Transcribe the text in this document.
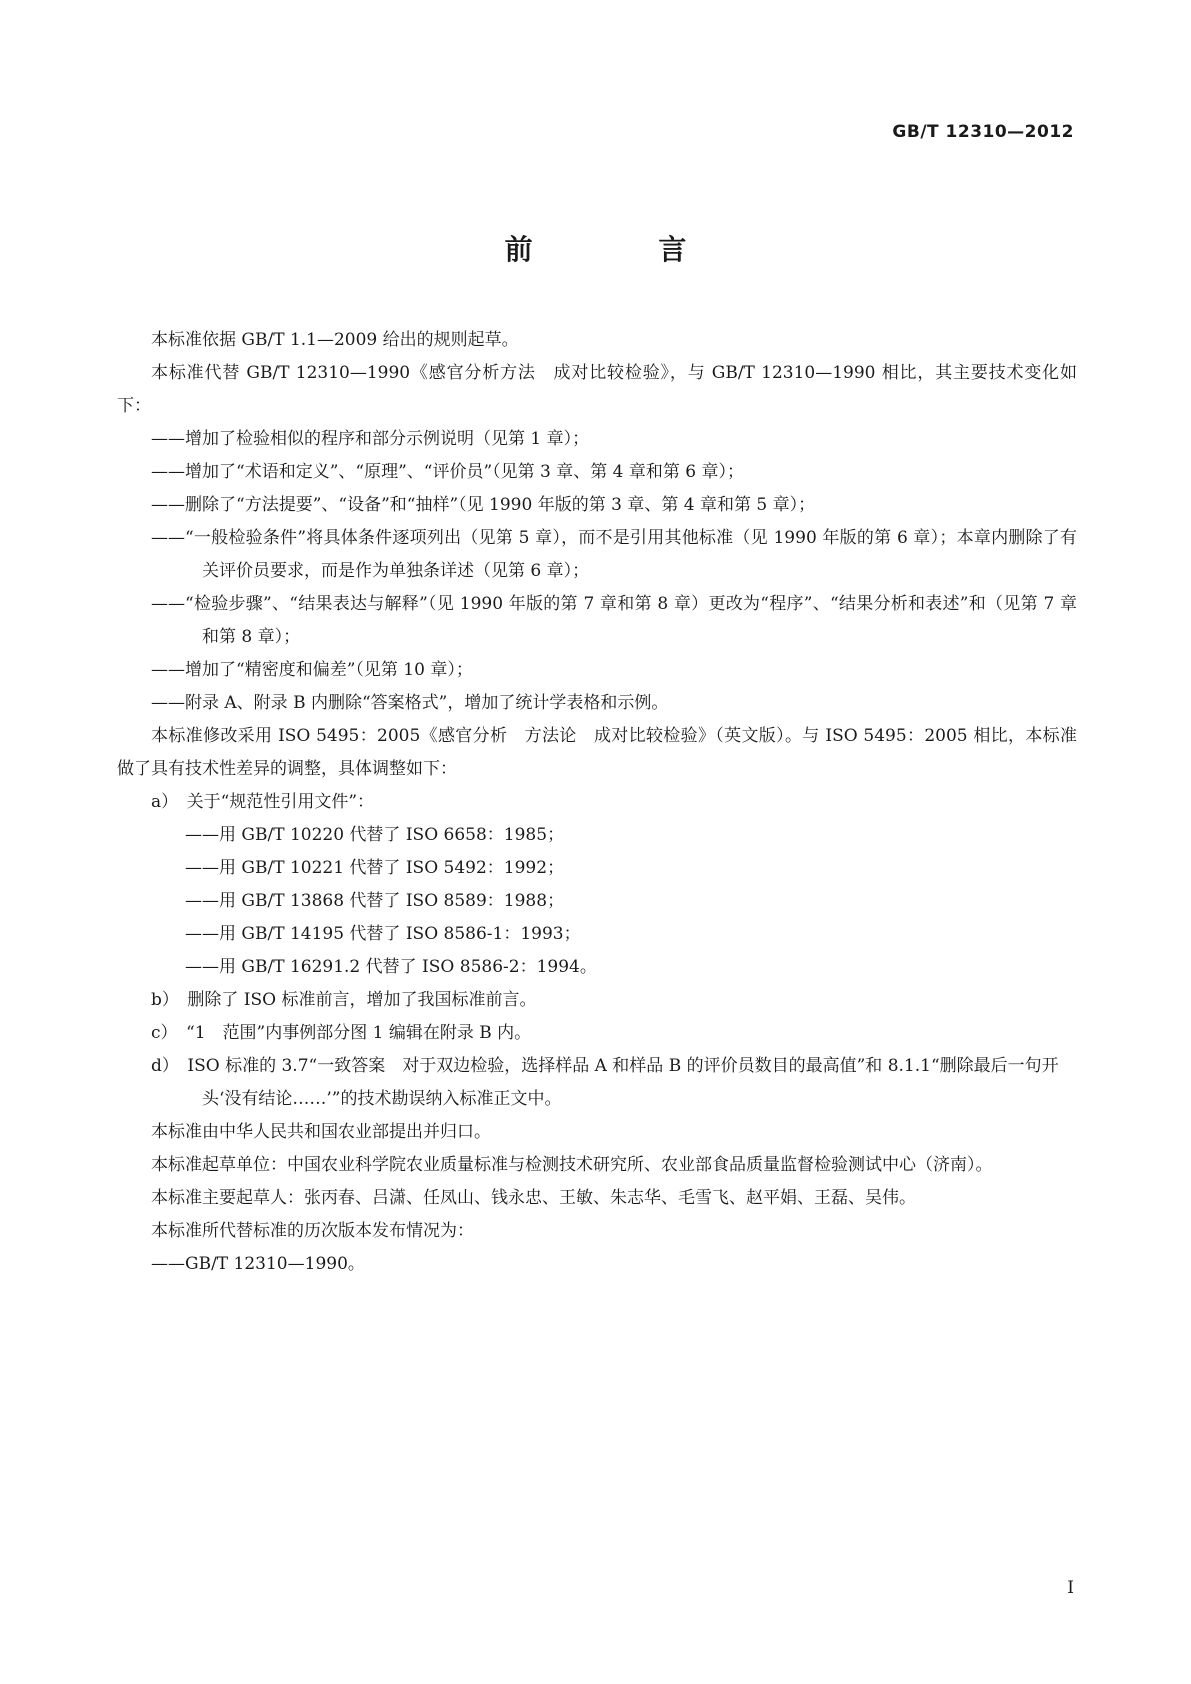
GB/T 12310—2012
前 言

本标准依据 GB/T 1.1—2009 给出的规则起草。

本标准代替 GB/T 12310—1990《感官分析方法　成对比较检验》，与 GB/T 12310—1990 相比，其主要技术变化如下：

——增加了检验相似的程序和部分示例说明（见第 1 章）；

——增加了“术语和定义”、“原理”、“评价员”（见第 3 章、第 4 章和第 6 章）；

——删除了“方法提要”、“设备”和“抽样”（见 1990 年版的第 3 章、第 4 章和第 5 章）；

——“一般检验条件”将具体条件逐项列出（见第 5 章），而不是引用其他标准（见 1990 年版的第 6 章）；本章内删除了有关评价员要求，而是作为单独条详述（见第 6 章）；

——“检验步骤”、“结果表达与解释”（见 1990 年版的第 7 章和第 8 章）更改为“程序”、“结果分析和表述”和（见第 7 章和第 8 章）；

——增加了“精密度和偏差”（见第 10 章）；

——附录 A、附录 B 内删除“答案格式”，增加了统计学表格和示例。

本标准修改采用 ISO 5495：2005《感官分析　方法论　成对比较检验》（英文版）。与 ISO 5495：2005 相比，本标准做了具有技术性差异的调整，具体调整如下：

a）　关于“规范性引用文件”：

——用 GB/T 10220 代替了 ISO 6658：1985；

——用 GB/T 10221 代替了 ISO 5492：1992；

——用 GB/T 13868 代替了 ISO 8589：1988；

——用 GB/T 14195 代替了 ISO 8586-1：1993；

——用 GB/T 16291.2 代替了 ISO 8586-2：1994。

b）　删除了 ISO 标准前言，增加了我国标准前言。

c）　“1　范围”内事例部分图 1 编辑在附录 B 内。

d）　ISO 标准的 3.7“一致答案　对于双边检验，选择样品 A 和样品 B 的评价员数目的最高值”和 8.1.1“删除最后一句开头‘没有结论……’”的技术勘误纳入标准正文中。

本标准由中华人民共和国农业部提出并归口。

本标准起草单位：中国农业科学院农业质量标准与检测技术研究所、农业部食品质量监督检验测试中心（济南）。

本标准主要起草人：张丙春、吕潇、任凤山、钱永忠、王敏、朱志华、毛雪飞、赵平娟、王磊、吴伟。

本标准所代替标准的历次版本发布情况为：

——GB/T 12310—1990。

I
